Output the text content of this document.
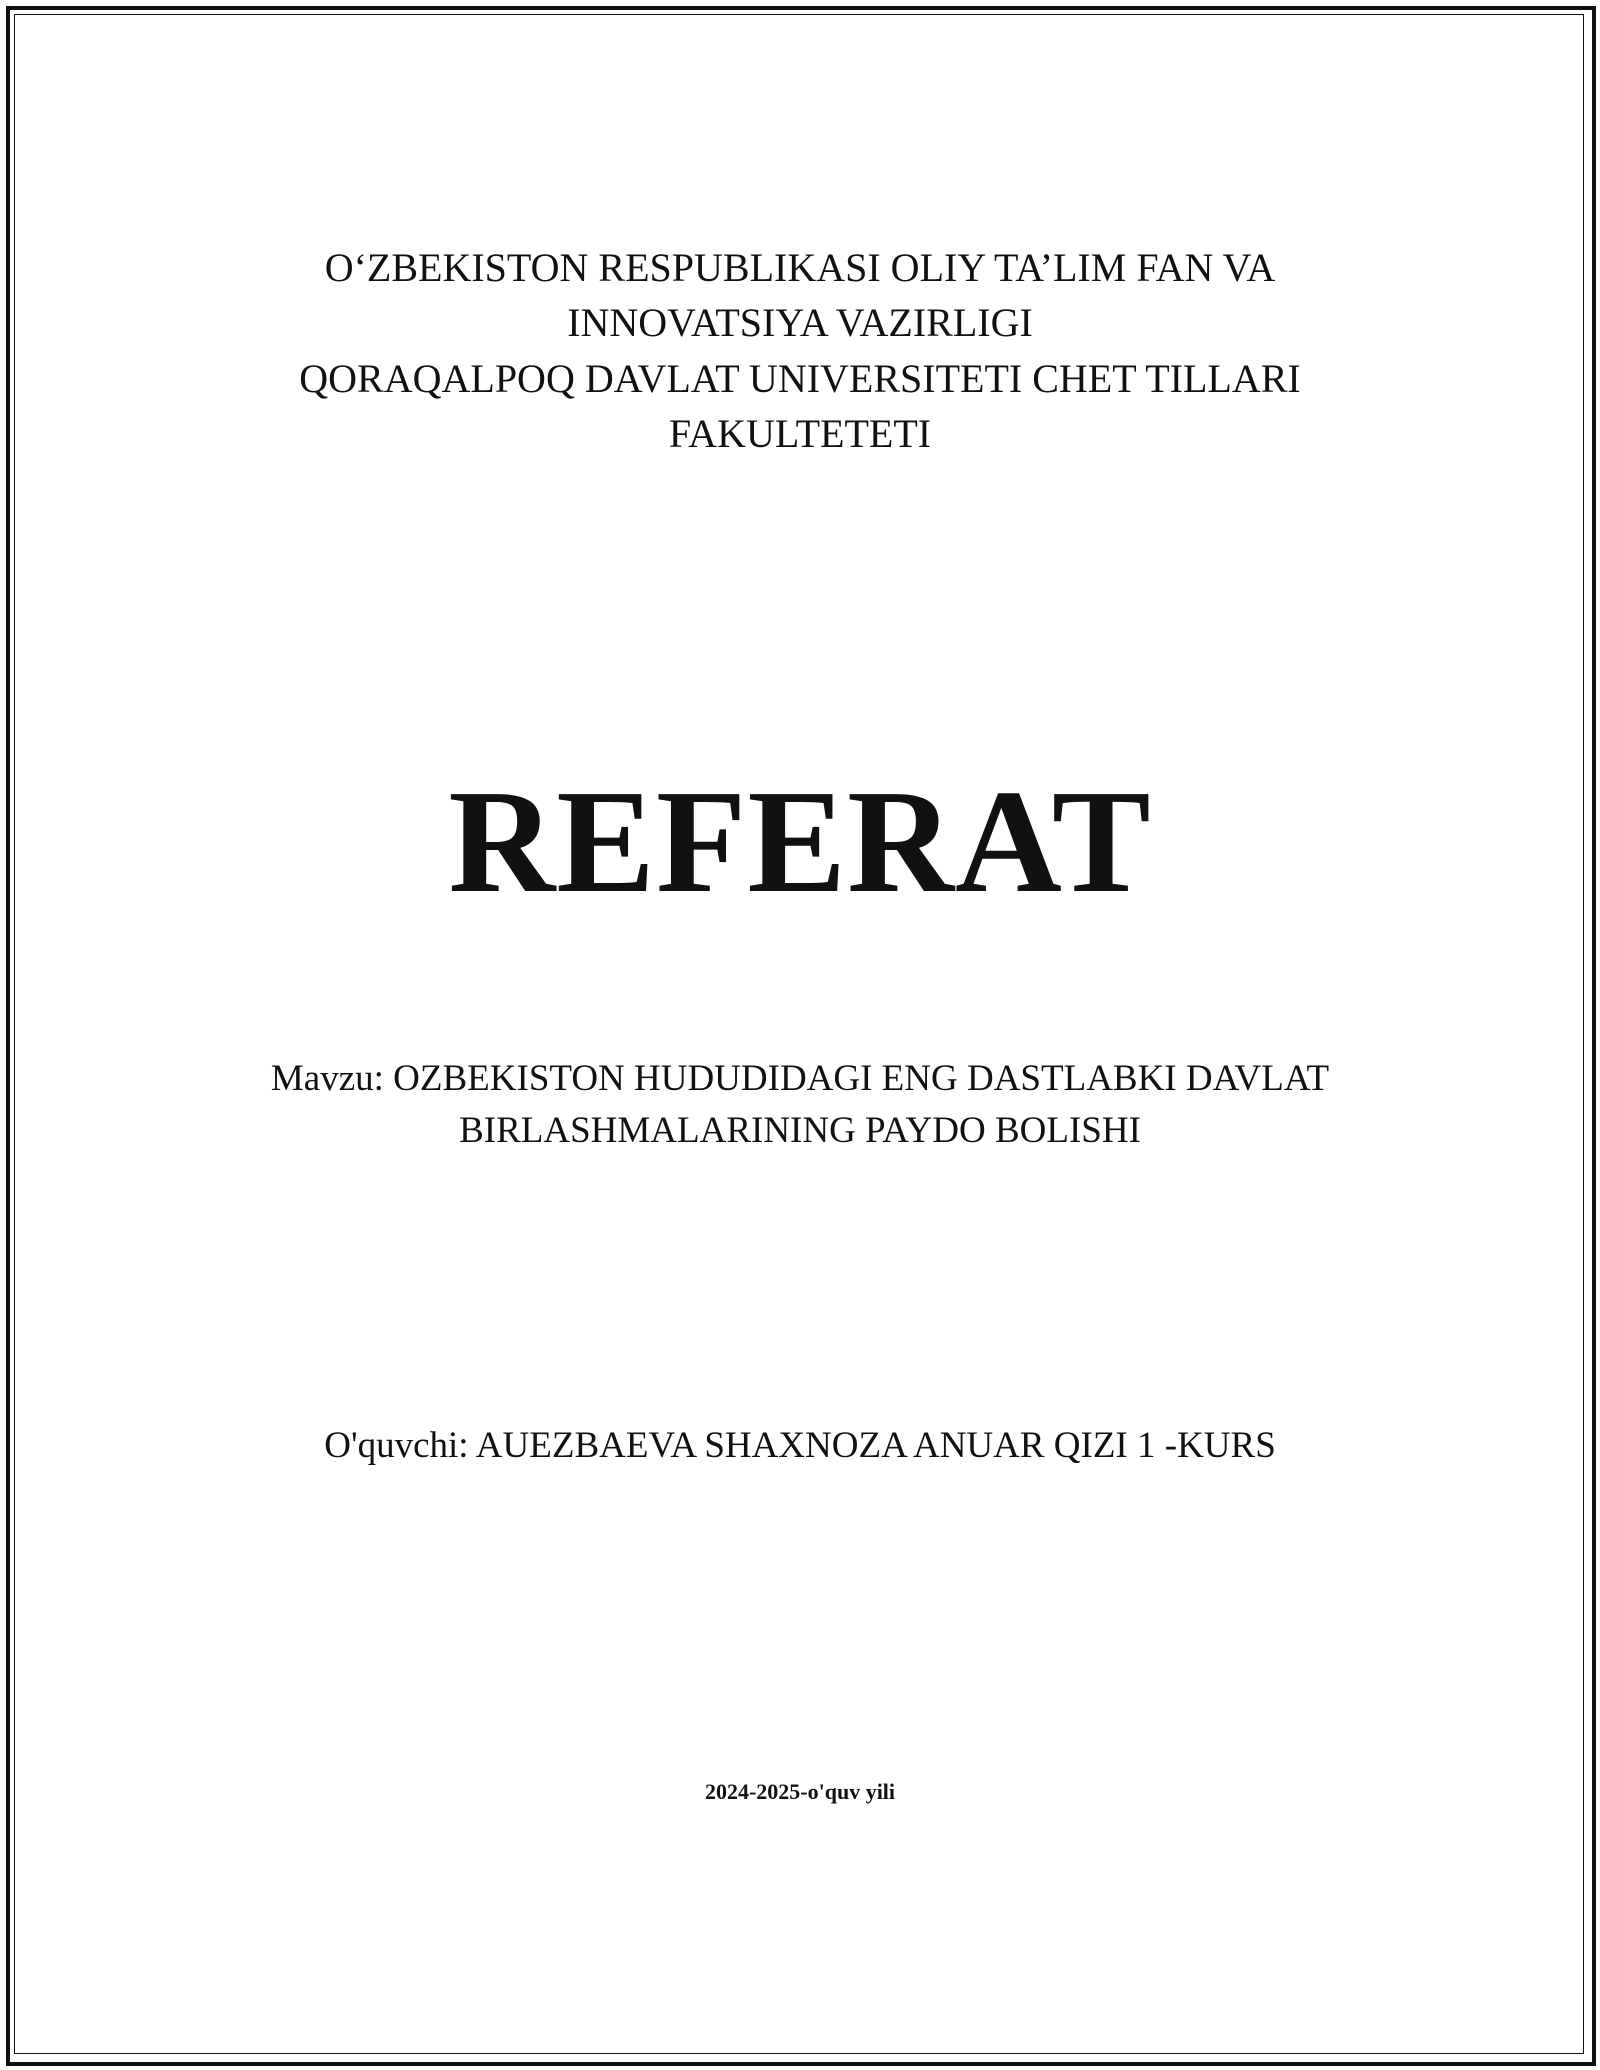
O‘ZBEKISTON RESPUBLIKASI OLIY TA’LIM FAN VA
INNOVATSIYA VAZIRLIGI
QORAQALPOQ DAVLAT UNIVERSITETI CHET TILLARI
FAKULTETETI
REFERAT
Mavzu: OZBEKISTON HUDUDIDAGI ENG DASTLABKI DAVLAT
BIRLASHMALARINING PAYDO BOLISHI
O'quvchi: AUEZBAEVA SHAXNOZA ANUAR QIZI 1 -KURS
2024-2025-o'quv yili
